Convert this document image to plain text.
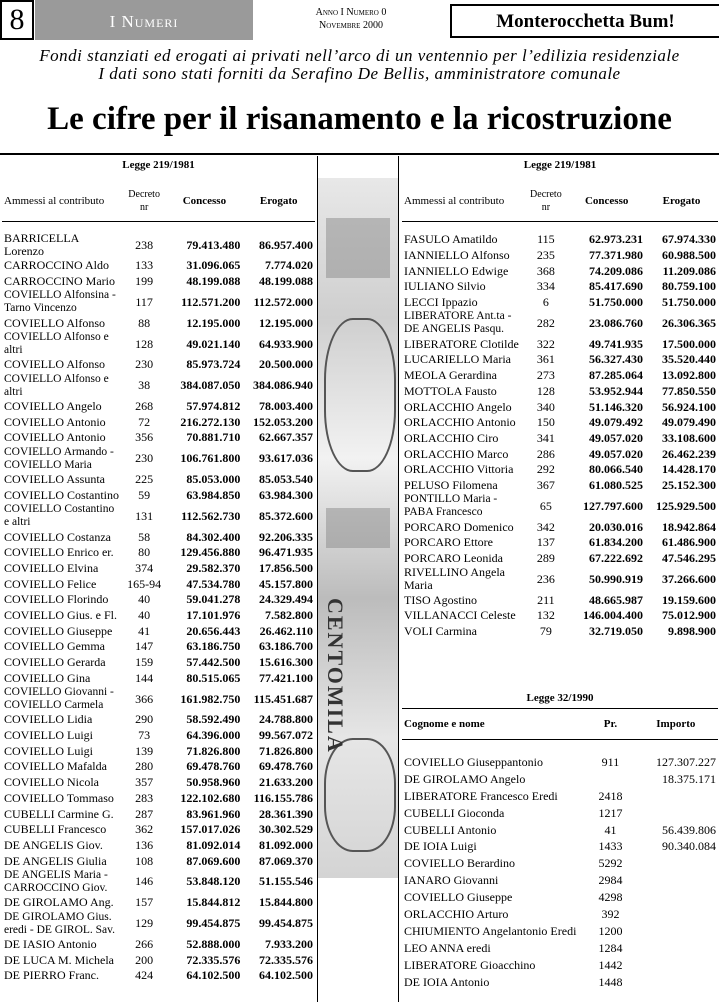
8	I Numeri	Anno I Numero 0
Novembre 2000	Monterocchetta Bum!
Fondi stanziati ed erogati ai privati nell’arco di un ventennio per l’edilizia residenziale
I dati sono stati forniti da Serafino De Bellis, amministratore comunale
Le cifre per il risanamento e la ricostruzione
CENTOMILA
Legge 219/1981			
Ammessi al contributo	Decreto nr	Concesso	Erogato

BARRICELLA Lorenzo	238	79.413.480	86.957.400
CARROCCINO Aldo	133	31.096.065	7.774.020
CARROCCINO Mario	199	48.199.088	48.199.088
COVIELLO Alfonsina - Tarno Vincenzo	117	112.571.200	112.572.000
COVIELLO Alfonso	88	12.195.000	12.195.000
COVIELLO Alfonso e altri	128	49.021.140	64.933.900
COVIELLO Alfonso	230	85.973.724	20.500.000
COVIELLO Alfonso e altri	38	384.087.050	384.086.940
COVIELLO Angelo	268	57.974.812	78.003.400
COVIELLO Antonio	72	216.272.130	152.053.200
COVIELLO Antonio	356	70.881.710	62.667.357
COVIELLO Armando - COVIELLO Maria	230	106.761.800	93.617.036
COVIELLO Assunta	225	85.053.000	85.053.540
COVIELLO Costantino	59	63.984.850	63.984.300
COVIELLO Costantino e altri	131	112.562.730	85.372.600
COVIELLO Costanza	58	84.302.400	92.206.335
COVIELLO Enrico er.	80	129.456.880	96.471.935
COVIELLO Elvina	374	29.582.370	17.856.500
COVIELLO Felice	165-94	47.534.780	45.157.800
COVIELLO Florindo	40	59.041.278	24.329.494
COVIELLO Gius. e Fl.	40	17.101.976	7.582.800
COVIELLO Giuseppe	41	20.656.443	26.462.110
COVIELLO Gemma	147	63.186.750	63.186.700
COVIELLO Gerarda	159	57.442.500	15.616.300
COVIELLO Gina	144	80.515.065	77.421.100
COVIELLO Giovanni - COVIELLO Carmela	366	161.982.750	115.451.687
COVIELLO Lidia	290	58.592.490	24.788.800
COVIELLO Luigi	73	64.396.000	99.567.072
COVIELLO Luigi	139	71.826.800	71.826.800
COVIELLO Mafalda	280	69.478.760	69.478.760
COVIELLO Nicola	357	50.958.960	21.633.200
COVIELLO Tommaso	283	122.102.680	116.155.786
CUBELLI Carmine G.	287	83.961.960	28.361.390
CUBELLI Francesco	362	157.017.026	30.302.529
DE ANGELIS Giov.	136	81.092.014	81.092.000
DE ANGELIS Giulia	108	87.069.600	87.069.370
DE ANGELIS Maria - CARROCCINO Giov.	146	53.848.120	51.155.546
DE GIROLAMO Ang.	157	15.844.812	15.844.800
DE GIROLAMO Gius. eredi - DE GIROL. Sav.	129	99.454.875	99.454.875
DE IASIO Antonio	266	52.888.000	7.933.200
DE LUCA M. Michela	200	72.335.576	72.335.576
DE PIERRO Franc.	424	64.102.500	64.102.500
Legge 219/1981			
Ammessi al contributo	Decreto nr	Concesso	Erogato

FASULO Amatildo	115	62.973.231	67.974.330
IANNIELLO Alfonso	235	77.371.980	60.988.500
IANNIELLO Edwige	368	74.209.086	11.209.086
IULIANO Silvio	334	85.417.690	80.759.100
LECCI Ippazio	6	51.750.000	51.750.000
LIBERATORE Ant.ta - DE ANGELIS Pasqu.	282	23.086.760	26.306.365
LIBERATORE Clotilde	322	49.741.935	17.500.000
LUCARIELLO Maria	361	56.327.430	35.520.440
MEOLA Gerardina	273	87.285.064	13.092.800
MOTTOLA Fausto	128	53.952.944	77.850.550
ORLACCHIO Angelo	340	51.146.320	56.924.100
ORLACCHIO Antonio	150	49.079.492	49.079.490
ORLACCHIO Ciro	341	49.057.020	33.108.600
ORLACCHIO Marco	286	49.057.020	26.462.239
ORLACCHIO Vittoria	292	80.066.540	14.428.170
PELUSO Filomena	367	61.080.525	25.152.300
PONTILLO Maria - PABA Francesco	65	127.797.600	125.929.500
PORCARO Domenico	342	20.030.016	18.942.864
PORCARO Ettore	137	61.834.200	61.486.900
PORCARO Leonida	289	67.222.692	47.546.295
RIVELLINO Angela Maria	236	50.990.919	37.266.600
TISO Agostino	211	48.665.987	19.159.600
VILLANACCI Celeste	132	146.004.400	75.012.900
VOLI Carmina	79	32.719.050	9.898.900
Legge 32/1990		
Cognome e nome	Pr.	Importo

COVIELLO Giuseppantonio	911	127.307.227
DE GIROLAMO Angelo		18.375.171
LIBERATORE Francesco Eredi	2418	
CUBELLI Gioconda	1217	
CUBELLI Antonio	41	56.439.806
DE IOIA Luigi	1433	90.340.084
COVIELLO Berardino	5292	
IANARO Giovanni	2984	
COVIELLO Giuseppe	4298	
ORLACCHIO Arturo	392	
CHIUMIENTO Angelantonio Eredi	1200	
LEO ANNA eredi	1284	
LIBERATORE Gioacchino	1442	
DE IOIA Antonio	1448	
